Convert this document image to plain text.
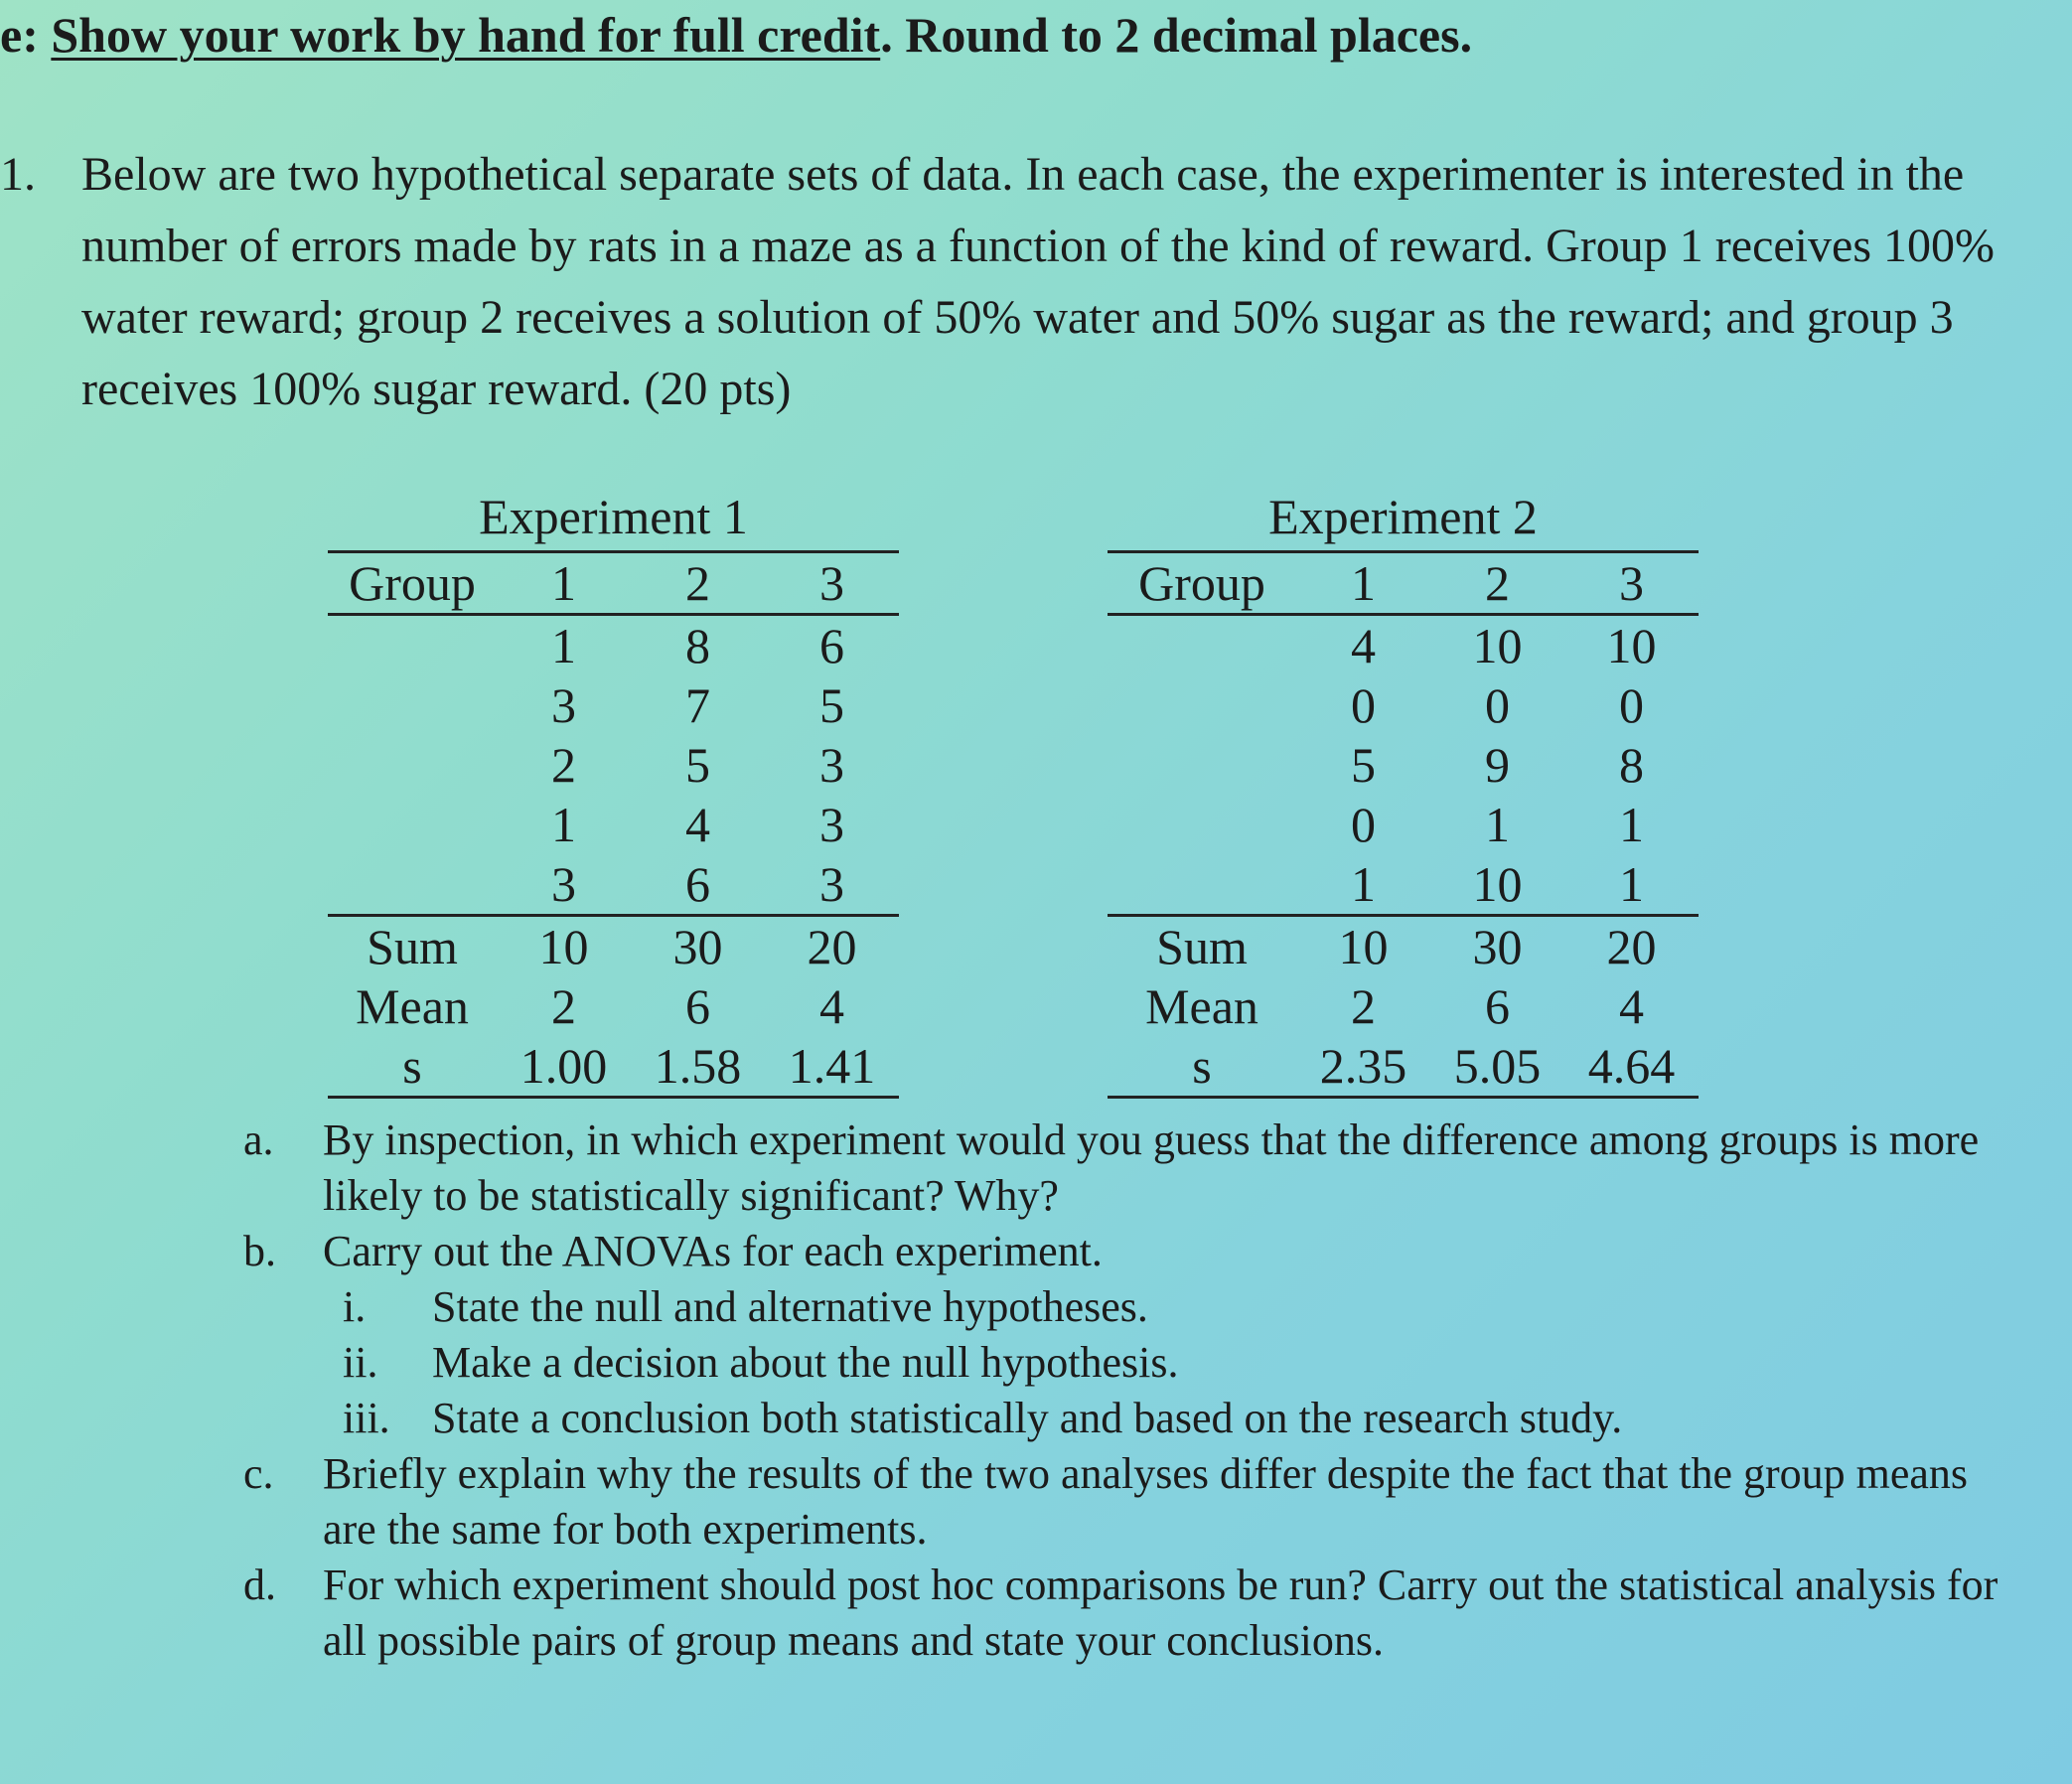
e: Show your work by hand for full credit. Round to 2 decimal places.
1. Below are two hypothetical separate sets of data. In each case, the experimenter is interested in the number of errors made by rats in a maze as a function of the kind of reward. Group 1 receives 100% water reward; group 2 receives a solution of 50% water and 50% sugar as the reward; and group 3 receives 100% sugar reward. (20 pts)
Experiment 1			
Group	1	2	3
	1	8	6
	3	7	5
	2	5	3
	1	4	3
	3	6	3
Sum	10	30	20
Mean	2	6	4
s	1.00	1.58	1.41
Experiment 2			
Group	1	2	3
	4	10	10
	0	0	0
	5	9	8
	0	1	1
	1	10	1
Sum	10	30	20
Mean	2	6	4
s	2.35	5.05	4.64
a. By inspection, in which experiment would you guess that the difference among groups is more likely to be statistically significant? Why?
b. Carry out the ANOVAs for each experiment.
i. State the null and alternative hypotheses.
ii. Make a decision about the null hypothesis.
iii. State a conclusion both statistically and based on the research study.
c. Briefly explain why the results of the two analyses differ despite the fact that the group means are the same for both experiments.
d. For which experiment should post hoc comparisons be run? Carry out the statistical analysis for all possible pairs of group means and state your conclusions.
